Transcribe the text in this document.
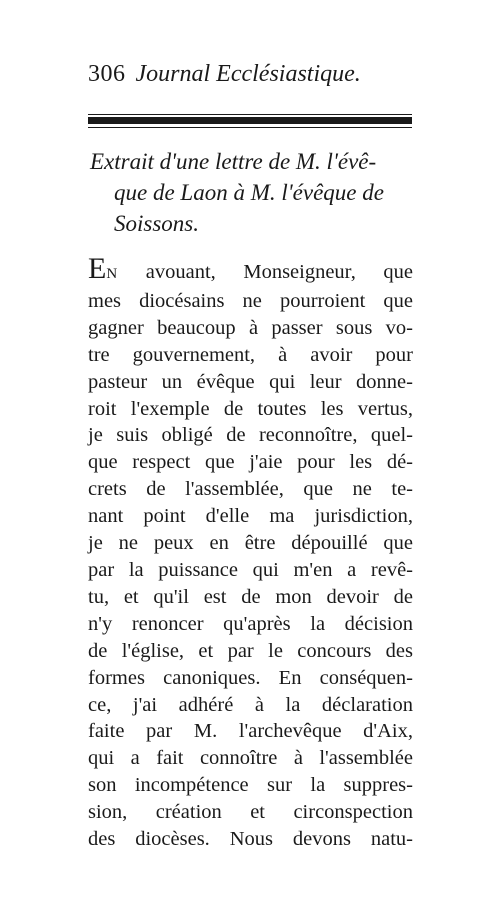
306 Journal Ecclésiastique.
Extrait d'une lettre de M. l'évê-
que de Laon à M. l'évêque de
Soissons.
EN avouant, Monseigneur, que
mes diocésains ne pourroient que
gagner beaucoup à passer sous vo-
tre gouvernement, à avoir pour
pasteur un évêque qui leur donne-
roit l'exemple de toutes les vertus,
je suis obligé de reconnoître, quel-
que respect que j'aie pour les dé-
crets de l'assemblée, que ne te-
nant point d'elle ma jurisdiction,
je ne peux en être dépouillé que
par la puissance qui m'en a revê-
tu, et qu'il est de mon devoir de
n'y renoncer qu'après la décision
de l'église, et par le concours des
formes canoniques. En conséquen-
ce, j'ai adhéré à la déclaration
faite par M. l'archevêque d'Aix,
qui a fait connoître à l'assemblée
son incompétence sur la suppres-
sion, création et circonspection
des diocèses. Nous devons natu-
